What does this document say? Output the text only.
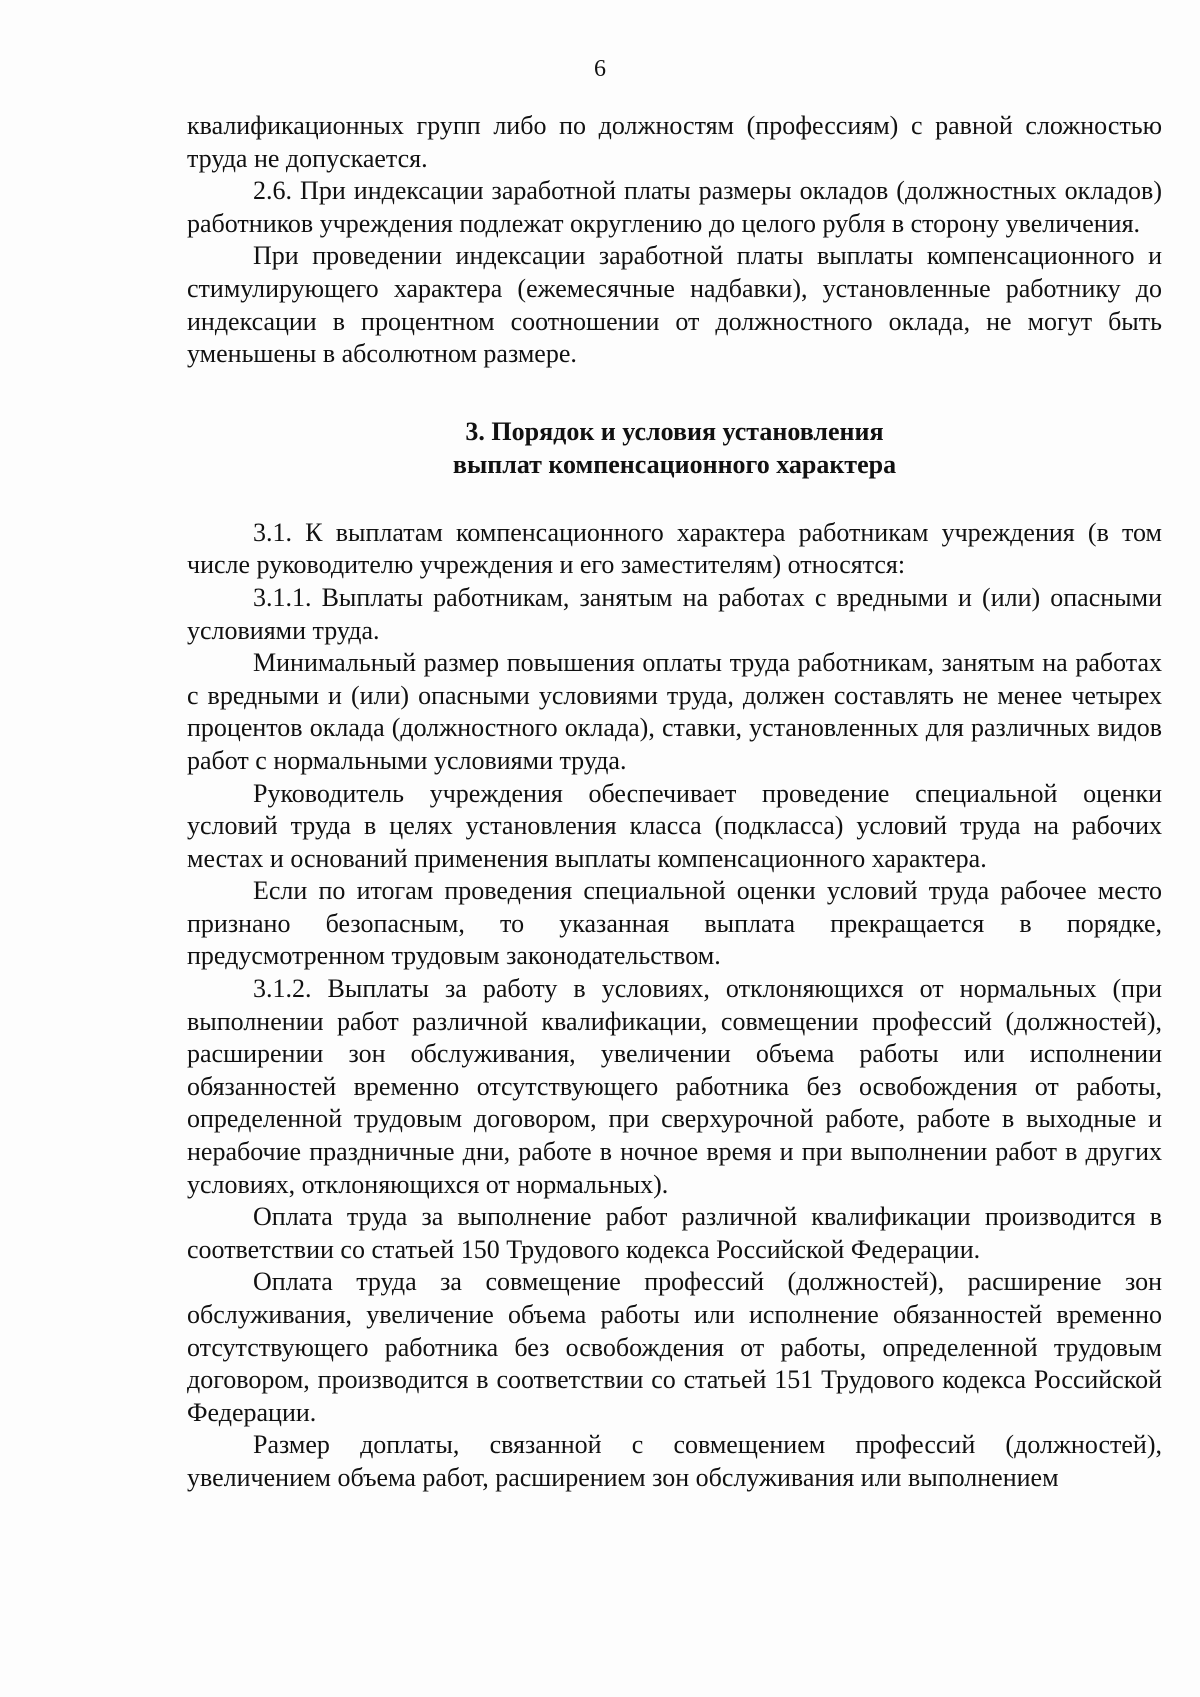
6

квалификационных групп либо по должностям (профессиям) с равной сложностью труда не допускается.

2.6. При индексации заработной платы размеры окладов (должностных окладов) работников учреждения подлежат округлению до целого рубля в сторону увеличения.

При проведении индексации заработной платы выплаты компенсационного и стимулирующего характера (ежемесячные надбавки), установленные работнику до индексации в процентном соотношении от должностного оклада, не могут быть уменьшены в абсолютном размере.

3. Порядок и условия установления
выплат компенсационного характера

3.1. К выплатам компенсационного характера работникам учреждения (в том числе руководителю учреждения и его заместителям) относятся:

3.1.1. Выплаты работникам, занятым на работах с вредными и (или) опасными условиями труда.

Минимальный размер повышения оплаты труда работникам, занятым на работах с вредными и (или) опасными условиями труда, должен составлять не менее четырех процентов оклада (должностного оклада), ставки, установленных для различных видов работ с нормальными условиями труда.

Руководитель учреждения обеспечивает проведение специальной оценки условий труда в целях установления класса (подкласса) условий труда на рабочих местах и оснований применения выплаты компенсационного характера.

Если по итогам проведения специальной оценки условий труда рабочее место признано безопасным, то указанная выплата прекращается в порядке, предусмотренном трудовым законодательством.

3.1.2. Выплаты за работу в условиях, отклоняющихся от нормальных (при выполнении работ различной квалификации, совмещении профессий (должностей), расширении зон обслуживания, увеличении объема работы или исполнении обязанностей временно отсутствующего работника без освобождения от работы, определенной трудовым договором, при сверхурочной работе, работе в выходные и нерабочие праздничные дни, работе в ночное время и при выполнении работ в других условиях, отклоняющихся от нормальных).

Оплата труда за выполнение работ различной квалификации производится в соответствии со статьей 150 Трудового кодекса Российской Федерации.

Оплата труда за совмещение профессий (должностей), расширение зон обслуживания, увеличение объема работы или исполнение обязанностей временно отсутствующего работника без освобождения от работы, определенной трудовым договором, производится в соответствии со статьей 151 Трудового кодекса Российской Федерации.

Размер доплаты, связанной с совмещением профессий (должностей), увеличением объема работ, расширением зон обслуживания или выполнением
